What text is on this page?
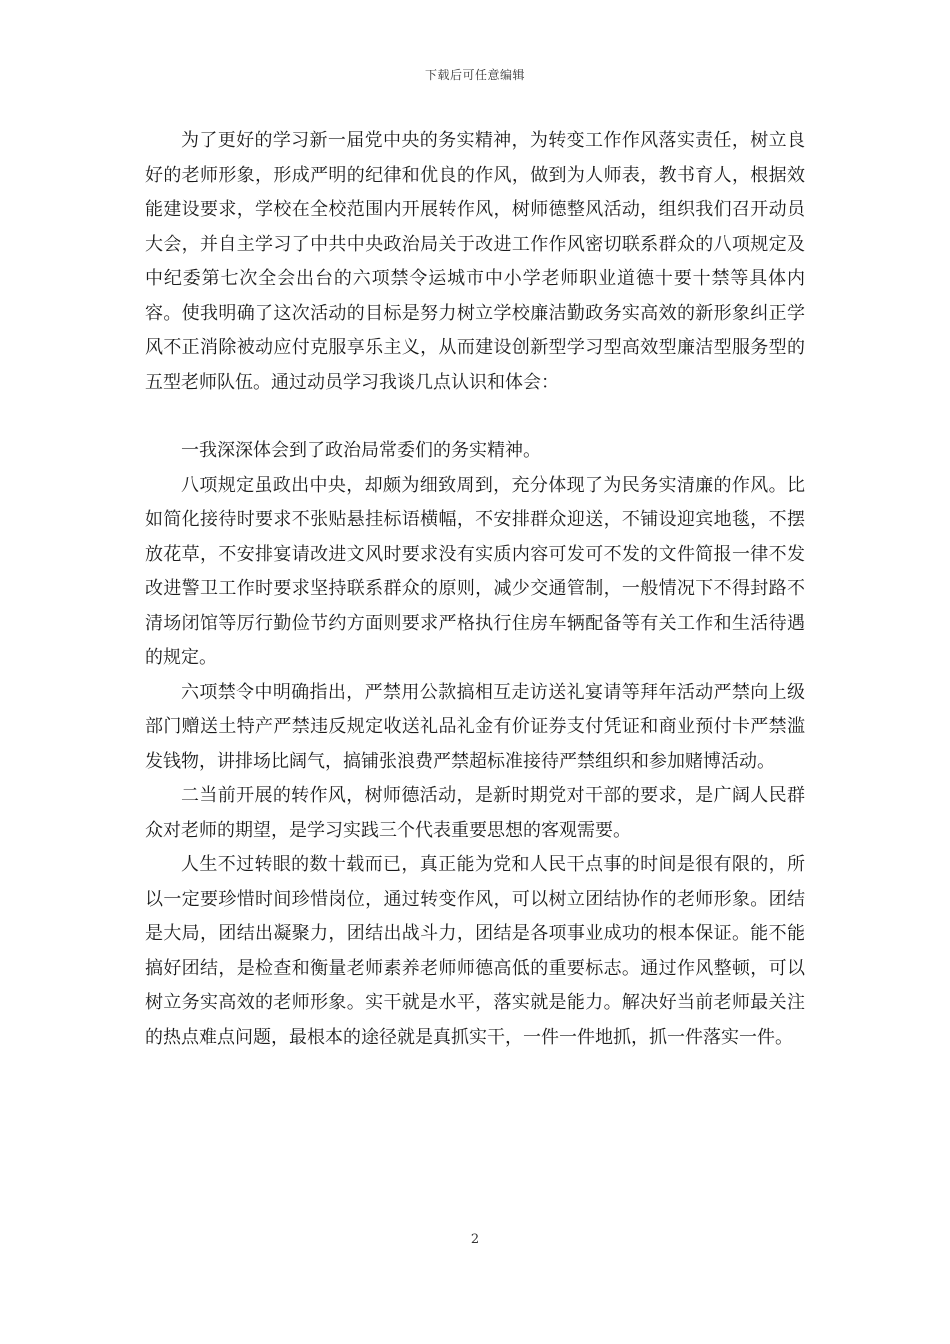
下载后可任意编辑

为了更好的学习新一届党中央的务实精神，为转变工作作风落实责任，树立良好的老师形象，形成严明的纪律和优良的作风，做到为人师表，教书育人，根据效能建设要求，学校在全校范围内开展转作风，树师德整风活动，组织我们召开动员大会，并自主学习了中共中央政治局关于改进工作作风密切联系群众的八项规定及中纪委第七次全会出台的六项禁令运城市中小学老师职业道德十要十禁等具体内容。使我明确了这次活动的目标是努力树立学校廉洁勤政务实高效的新形象纠正学风不正消除被动应付克服享乐主义，从而建设创新型学习型高效型廉洁型服务型的五型老师队伍。通过动员学习我谈几点认识和体会：

一我深深体会到了政治局常委们的务实精神。

八项规定虽政出中央，却颇为细致周到，充分体现了为民务实清廉的作风。比如简化接待时要求不张贴悬挂标语横幅，不安排群众迎送，不铺设迎宾地毯，不摆放花草，不安排宴请改进文风时要求没有实质内容可发可不发的文件简报一律不发改进警卫工作时要求坚持联系群众的原则，减少交通管制，一般情况下不得封路不清场闭馆等厉行勤俭节约方面则要求严格执行住房车辆配备等有关工作和生活待遇的规定。

六项禁令中明确指出，严禁用公款搞相互走访送礼宴请等拜年活动严禁向上级部门赠送土特产严禁违反规定收送礼品礼金有价证券支付凭证和商业预付卡严禁滥发钱物，讲排场比阔气，搞铺张浪费严禁超标准接待严禁组织和参加赌博活动。

二当前开展的转作风，树师德活动，是新时期党对干部的要求，是广阔人民群众对老师的期望，是学习实践三个代表重要思想的客观需要。

人生不过转眼的数十载而已，真正能为党和人民干点事的时间是很有限的，所以一定要珍惜时间珍惜岗位，通过转变作风，可以树立团结协作的老师形象。团结是大局，团结出凝聚力，团结出战斗力，团结是各项事业成功的根本保证。能不能搞好团结，是检查和衡量老师素养老师师德高低的重要标志。通过作风整顿，可以树立务实高效的老师形象。实干就是水平，落实就是能力。解决好当前老师最关注的热点难点问题，最根本的途径就是真抓实干，一件一件地抓，抓一件落实一件。

2
